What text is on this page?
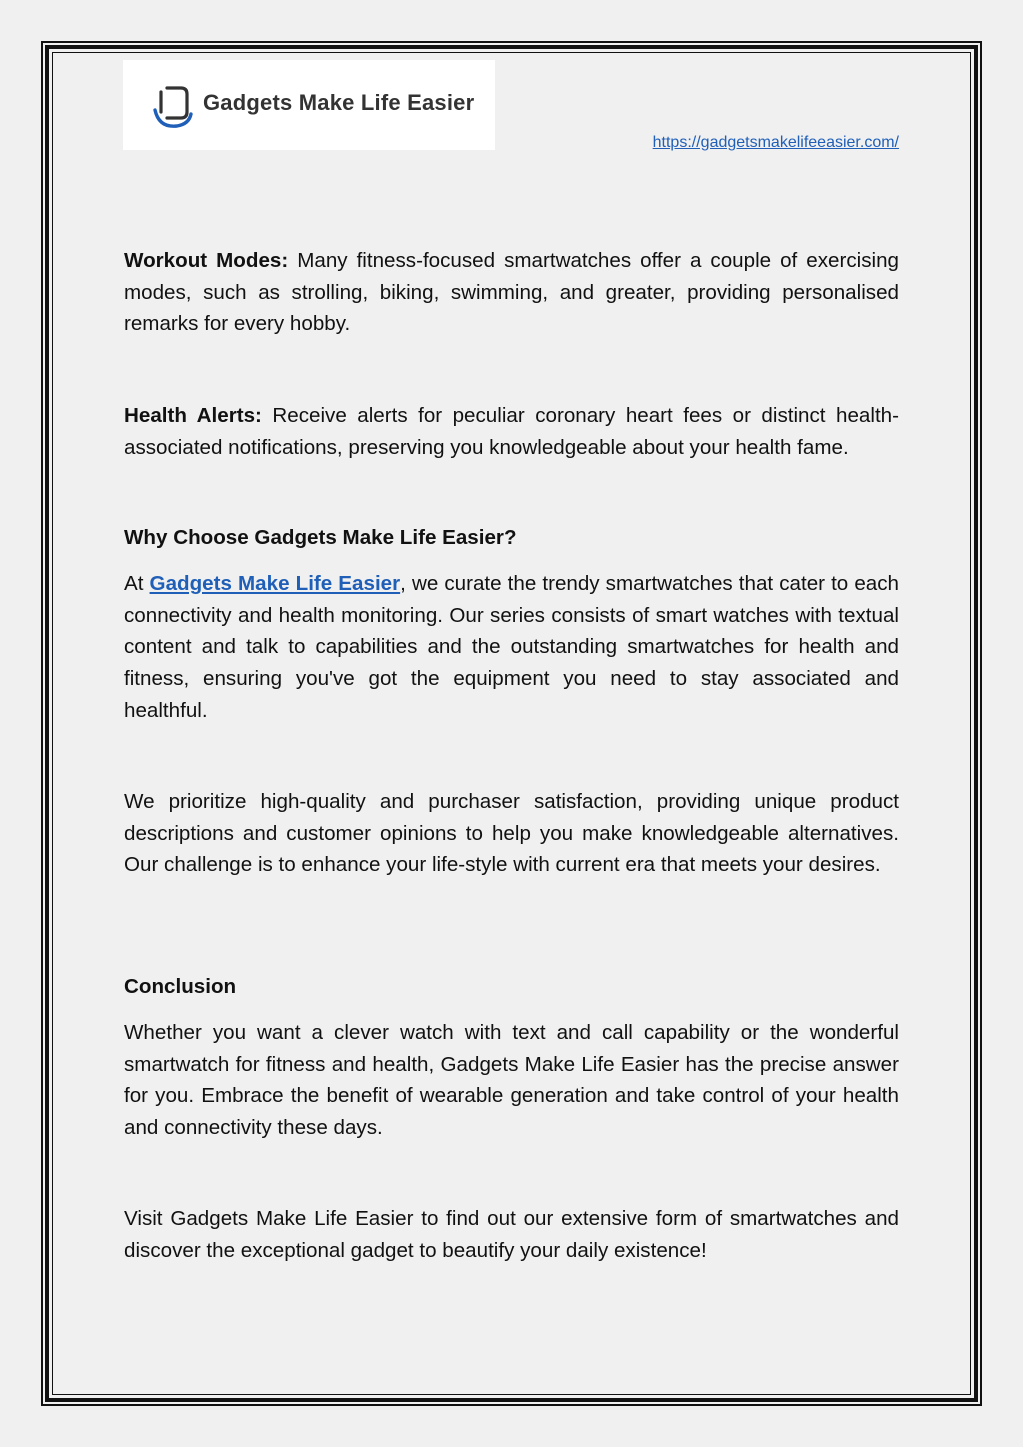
Gadgets Make Life Easier
https://gadgetsmakelifeeasier.com/

Workout Modes: Many fitness-focused smartwatches offer a couple of exercising modes, such as strolling, biking, swimming, and greater, providing personalised remarks for every hobby.

Health Alerts: Receive alerts for peculiar coronary heart fees or distinct health-associated notifications, preserving you knowledgeable about your health fame.

Why Choose Gadgets Make Life Easier?

At Gadgets Make Life Easier, we curate the trendy smartwatches that cater to each connectivity and health monitoring. Our series consists of smart watches with textual content and talk to capabilities and the outstanding smartwatches for health and fitness, ensuring you've got the equipment you need to stay associated and healthful.

We prioritize high-quality and purchaser satisfaction, providing unique product descriptions and customer opinions to help you make knowledgeable alternatives. Our challenge is to enhance your life-style with current era that meets your desires.

Conclusion

Whether you want a clever watch with text and call capability or the wonderful smartwatch for fitness and health, Gadgets Make Life Easier has the precise answer for you. Embrace the benefit of wearable generation and take control of your health and connectivity these days.

Visit Gadgets Make Life Easier to find out our extensive form of smartwatches and discover the exceptional gadget to beautify your daily existence!
